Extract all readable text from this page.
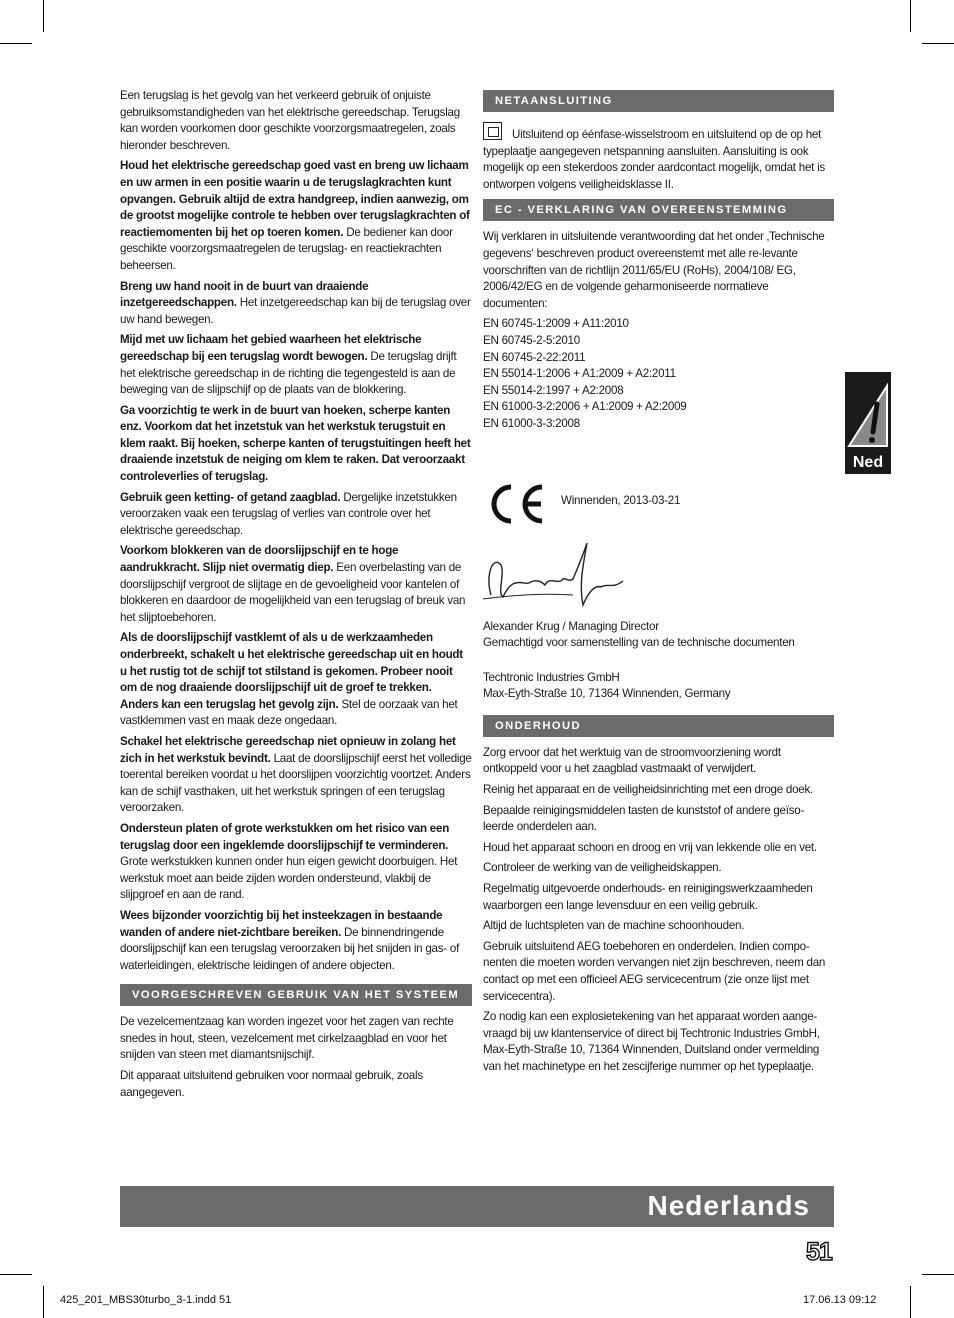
Een terugslag is het gevolg van het verkeerd gebruik of onjuiste gebruiksomstandigheden van het elektrische gereedschap. Terugslag kan worden voorkomen door geschikte voorzorgsmaatregelen, zoals hieronder beschreven.

Houd het elektrische gereedschap goed vast en breng uw lichaam en uw armen in een positie waarin u de terugslagkrachten kunt opvangen. Gebruik altijd de extra handgreep, indien aanwezig, om de grootst mogelijke controle te hebben over terugslagkrachten of reactiemomenten bij het op toeren komen. De bediener kan door geschikte voorzorgsmaatregelen de terugslag- en reactiekrachten beheersen.

Breng uw hand nooit in de buurt van draaiende inzetgereedschappen. Het inzetgereedschap kan bij de terugslag over uw hand bewegen.

Mijd met uw lichaam het gebied waarheen het elektrische gereedschap bij een terugslag wordt bewogen. De terugslag drijft het elektrische gereedschap in de richting die tegengesteld is aan de beweging van de slijpschijf op de plaats van de blokkering.

Ga voorzichtig te werk in de buurt van hoeken, scherpe kanten enz. Voorkom dat het inzetstuk van het werkstuk terugstuit en klem raakt. Bij hoeken, scherpe kanten of terugstuitingen heeft het draaiende inzetstuk de neiging om klem te raken. Dat veroorzaakt controleverlies of terugslag.

Gebruik geen ketting- of getand zaagblad. Dergelijke inzetstukken veroorzaken vaak een terugslag of verlies van controle over het elektrische gereedschap.

Voorkom blokkeren van de doorslijpschijf en te hoge aandrukkracht. Slijp niet overmatig diep. Een overbelasting van de doorslijpschijf vergroot de slijtage en de gevoeligheid voor kantelen of blokkeren en daardoor de mogelijkheid van een terugslag of breuk van het slijptoebehoren.

Als de doorslijpschijf vastklemt of als u de werkzaamheden onderbreekt, schakelt u het elektrische gereedschap uit en houdt u het rustig tot de schijf tot stilstand is gekomen. Probeer nooit om de nog draaiende doorslijpschijf uit de groef te trekken. Anders kan een terugslag het gevolg zijn. Stel de oorzaak van het vastklemmen vast en maak deze ongedaan.

Schakel het elektrische gereedschap niet opnieuw in zolang het zich in het werkstuk bevindt. Laat de doorslijpschijf eerst het volledige toerental bereiken voordat u het doorslijpen voorzichtig voortzet. Anders kan de schijf vasthaken, uit het werkstuk springen of een terugslag veroorzaken.

Ondersteun platen of grote werkstukken om het risico van een terugslag door een ingeklemde doorslijpschijf te verminderen. Grote werkstukken kunnen onder hun eigen gewicht doorbuigen. Het werkstuk moet aan beide zijden worden ondersteund, vlakbij de slijpgroef en aan de rand.

Wees bijzonder voorzichtig bij het insteekzagen in bestaande wanden of andere niet-zichtbare bereiken. De binnendringende doorslijpschijf kan een terugslag veroorzaken bij het snijden in gas- of waterleidingen, elektrische leidingen of andere objecten.

VOORGESCHREVEN GEBRUIK VAN HET SYSTEEM

De vezelcementzaag kan worden ingezet voor het zagen van rechte snedes in hout, steen, vezelcement met cirkelzaagblad en voor het snijden van steen met diamantsnijschijf.

Dit apparaat uitsluitend gebruiken voor normaal gebruik, zoals aangegeven.

NETAANSLUITING

Uitsluitend op éénfase-wisselstroom en uitsluitend op de op het typeplaatje aangegeven netspanning aansluiten. Aansluiting is ook mogelijk op een stekerdoos zonder aardcontact mogelijk, omdat het is ontworpen volgens veiligheidsklasse II.

EC - VERKLARING VAN OVEREENSTEMMING

Wij verklaren in uitsluitende verantwoording dat het onder ‚Technische gegevens‘ beschreven product overeenstemt met alle re-levante voorschriften van de richtlijn 2011/65/EU (RoHs), 2004/108/ EG, 2006/42/EG en de volgende geharmoniseerde normatieve documenten:

EN 60745-1:2009 + A11:2010

EN 60745-2-5:2010

EN 60745-2-22:2011

EN 55014-1:2006 + A1:2009 + A2:2011

EN 55014-2:1997 + A2:2008

EN 61000-3-2:2006 + A1:2009 + A2:2009

EN 61000-3-3:2008

Winnenden, 2013-03-21
Alexander Krug / Managing Director
Gemachtigd voor samenstelling van de technische documenten
Techtronic Industries GmbH
Max-Eyth-Straße 10, 71364 Winnenden, Germany
ONDERHOUD

Zorg ervoor dat het werktuig van de stroomvoorziening wordt ontkoppeld voor u het zaagblad vastmaakt of verwijdert.

Reinig het apparaat en de veiligheidsinrichting met een droge doek.

Bepaalde reinigingsmiddelen tasten de kunststof of andere geïso-leerde onderdelen aan.

Houd het apparaat schoon en droog en vrij van lekkende olie en vet.

Controleer de werking van de veiligheidskappen.

Regelmatig uitgevoerde onderhouds- en reinigingswerkzaamheden waarborgen een lange levensduur en een veilig gebruik.

Altijd de luchtspleten van de machine schoonhouden.

Gebruik uitsluitend AEG toebehoren en onderdelen. Indien compo-nenten die moeten worden vervangen niet zijn beschreven, neem dan contact op met een officieel AEG servicecentrum (zie onze lijst met servicecentra).

Zo nodig kan een explosietekening van het apparaat worden aange-vraagd bij uw klantenservice of direct bij Techtronic Industries GmbH, Max-Eyth-Straße 10, 71364 Winnenden, Duitsland onder vermelding van het machinetype en het zescijferige nummer op het typeplaatje.

Ned
Nederlands
51
425_201_MBS30turbo_3-1.indd 51	17.06.13 09:12
